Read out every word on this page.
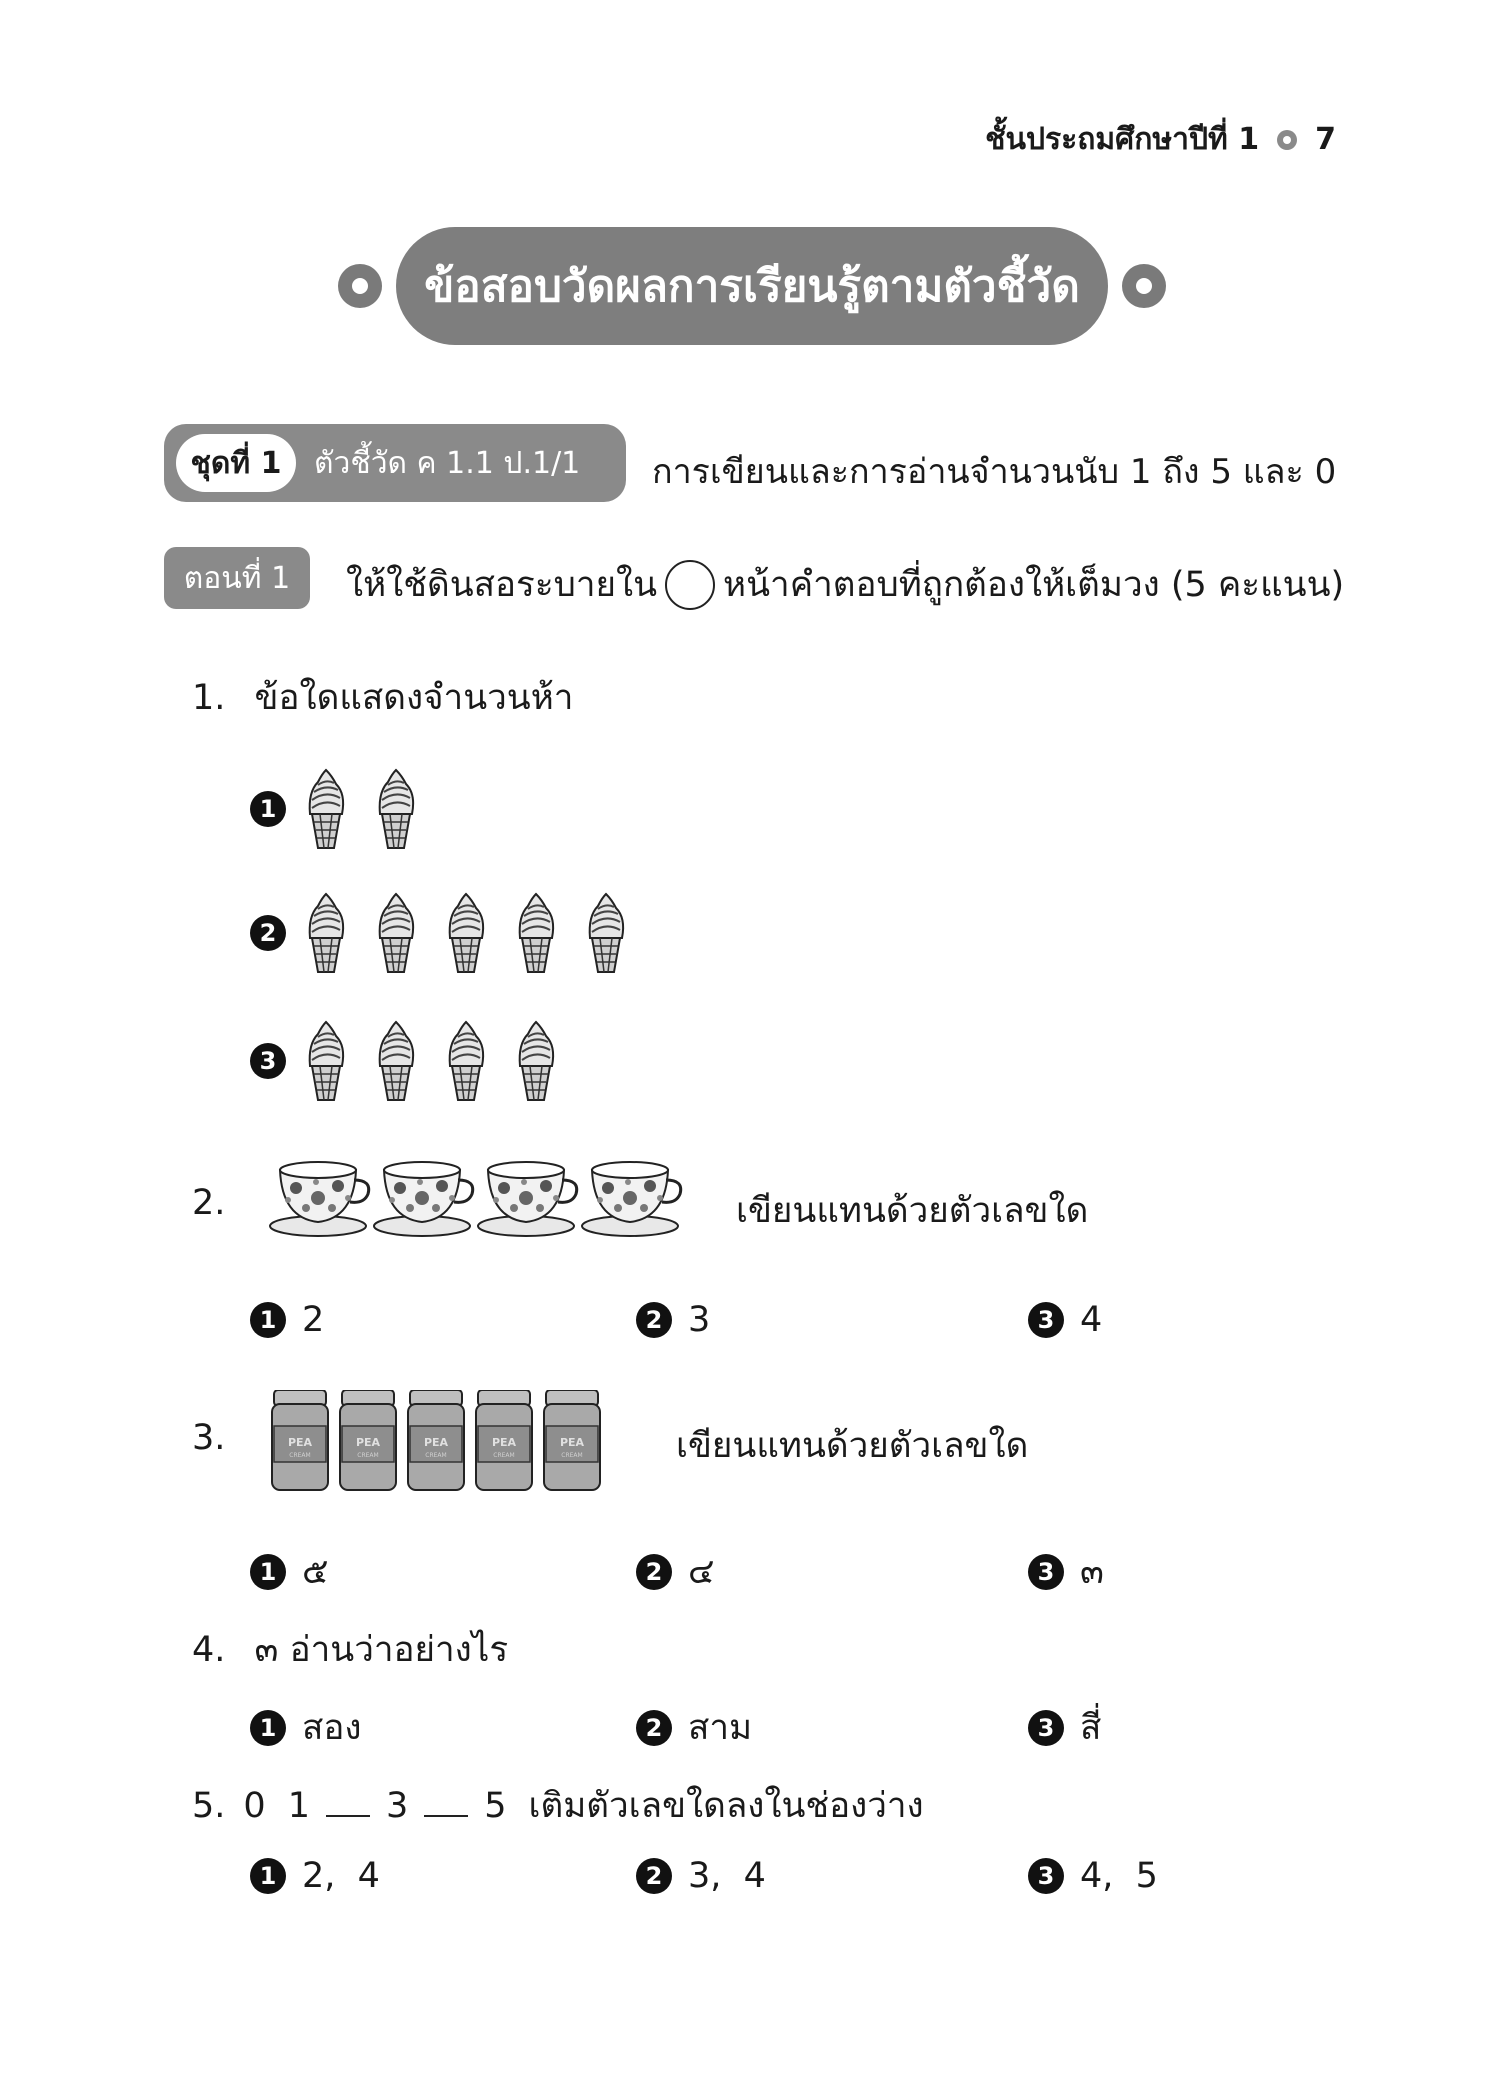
ชั้นประถมศึกษาปีที่ 1 7
ข้อสอบวัดผลการเรียนรู้ตามตัวชี้วัด
ชุดที่ 1	ตัวชี้วัด ค 1.1 ป.1/1 การเขียนและการอ่านจำนวนนับ 1 ถึง 5 และ 0
ตอนที่ 1	ให้ใช้ดินสอระบายใน หน้าคำตอบที่ถูกต้องให้เต็มวง (5 คะแนน)
1. ข้อใดแสดงจำนวนห้า
1
2
3
2.	เขียนแทนด้วยตัวเลขใด
1 2	2 3	3 4
3.	เขียนแทนด้วยตัวเลขใด
1 ๕	2 ๔	3 ๓
4. ๓ อ่านว่าอย่างไร
1 สอง	2 สาม	3 สี่
5. 0 1 3 5 เติมตัวเลขใดลงในช่องว่าง
1 2,  4	2 3,  4	3 4,  5
